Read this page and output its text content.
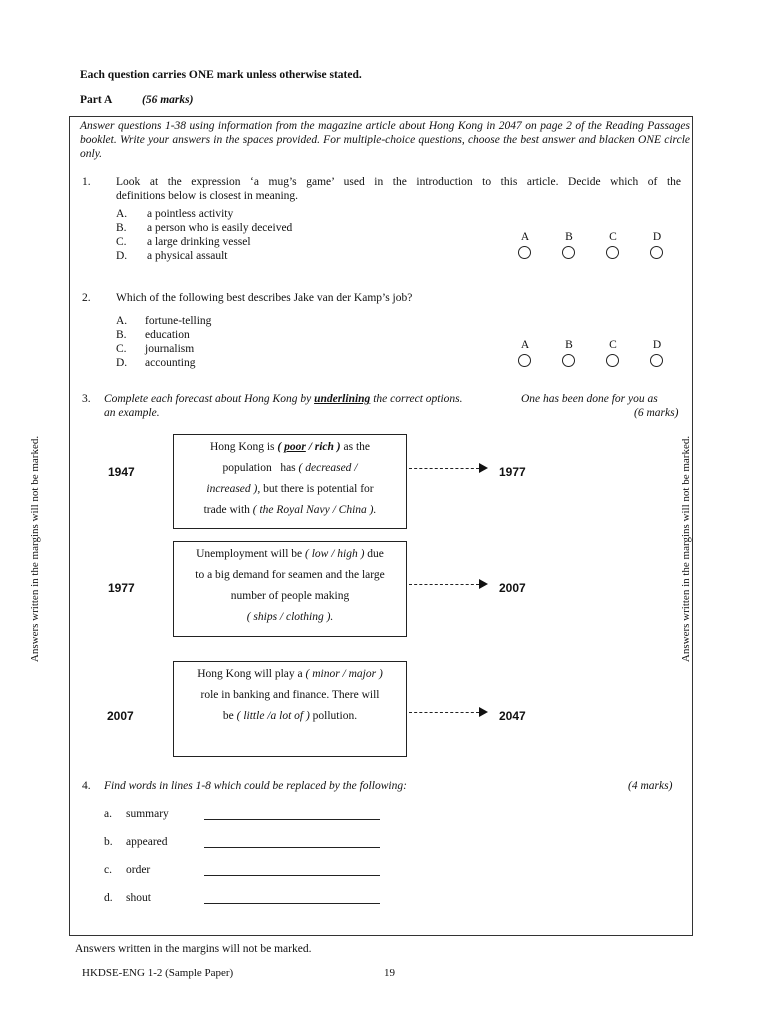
Each question carries ONE mark unless otherwise stated.
Part A	(56 marks)
Answer questions 1-38 using information from the magazine article about Hong Kong in 2047 on page 2 of the Reading Passages booklet. Write your answers in the spaces provided. For multiple-choice questions, choose the best answer and blacken ONE circle only.
1. Look at the expression ‘a mug’s game’ used in the introduction to this article. Decide which of the
definitions below is closest in meaning.
A. a pointless activity
B. a person who is easily deceived
C. a large drinking vessel
D. a physical assault
A	B	C	D
2. Which of the following best describes Jake van der Kamp’s job?
A. fortune-telling
B. education
C. journalism
D. accounting
A	B	C	D
3. Complete each forecast about Hong Kong by underlining the correct options.	One has been done for you as
an example.	(6 marks)
1947
Hong Kong is ( poor / rich ) as the
population   has ( decreased /
increased ), but there is potential for
trade with ( the Royal Navy / China ).
1977
1977
Unemployment will be ( low / high ) due
to a big demand for seamen and the large
number of people making
( ships / clothing ).
2007
2007
Hong Kong will play a ( minor / major )
role in banking and finance. There will
be ( little /a lot of ) pollution.	2047
4. Find words in lines 1-8 which could be replaced by the following:	(4 marks)
a. summary
b. appeared
c. order
d. shout
Answers written in the margins will not be marked.	Answers written in the margins will not be marked.
Answers written in the margins will not be marked.
HKDSE-ENG 1-2 (Sample Paper)	19
